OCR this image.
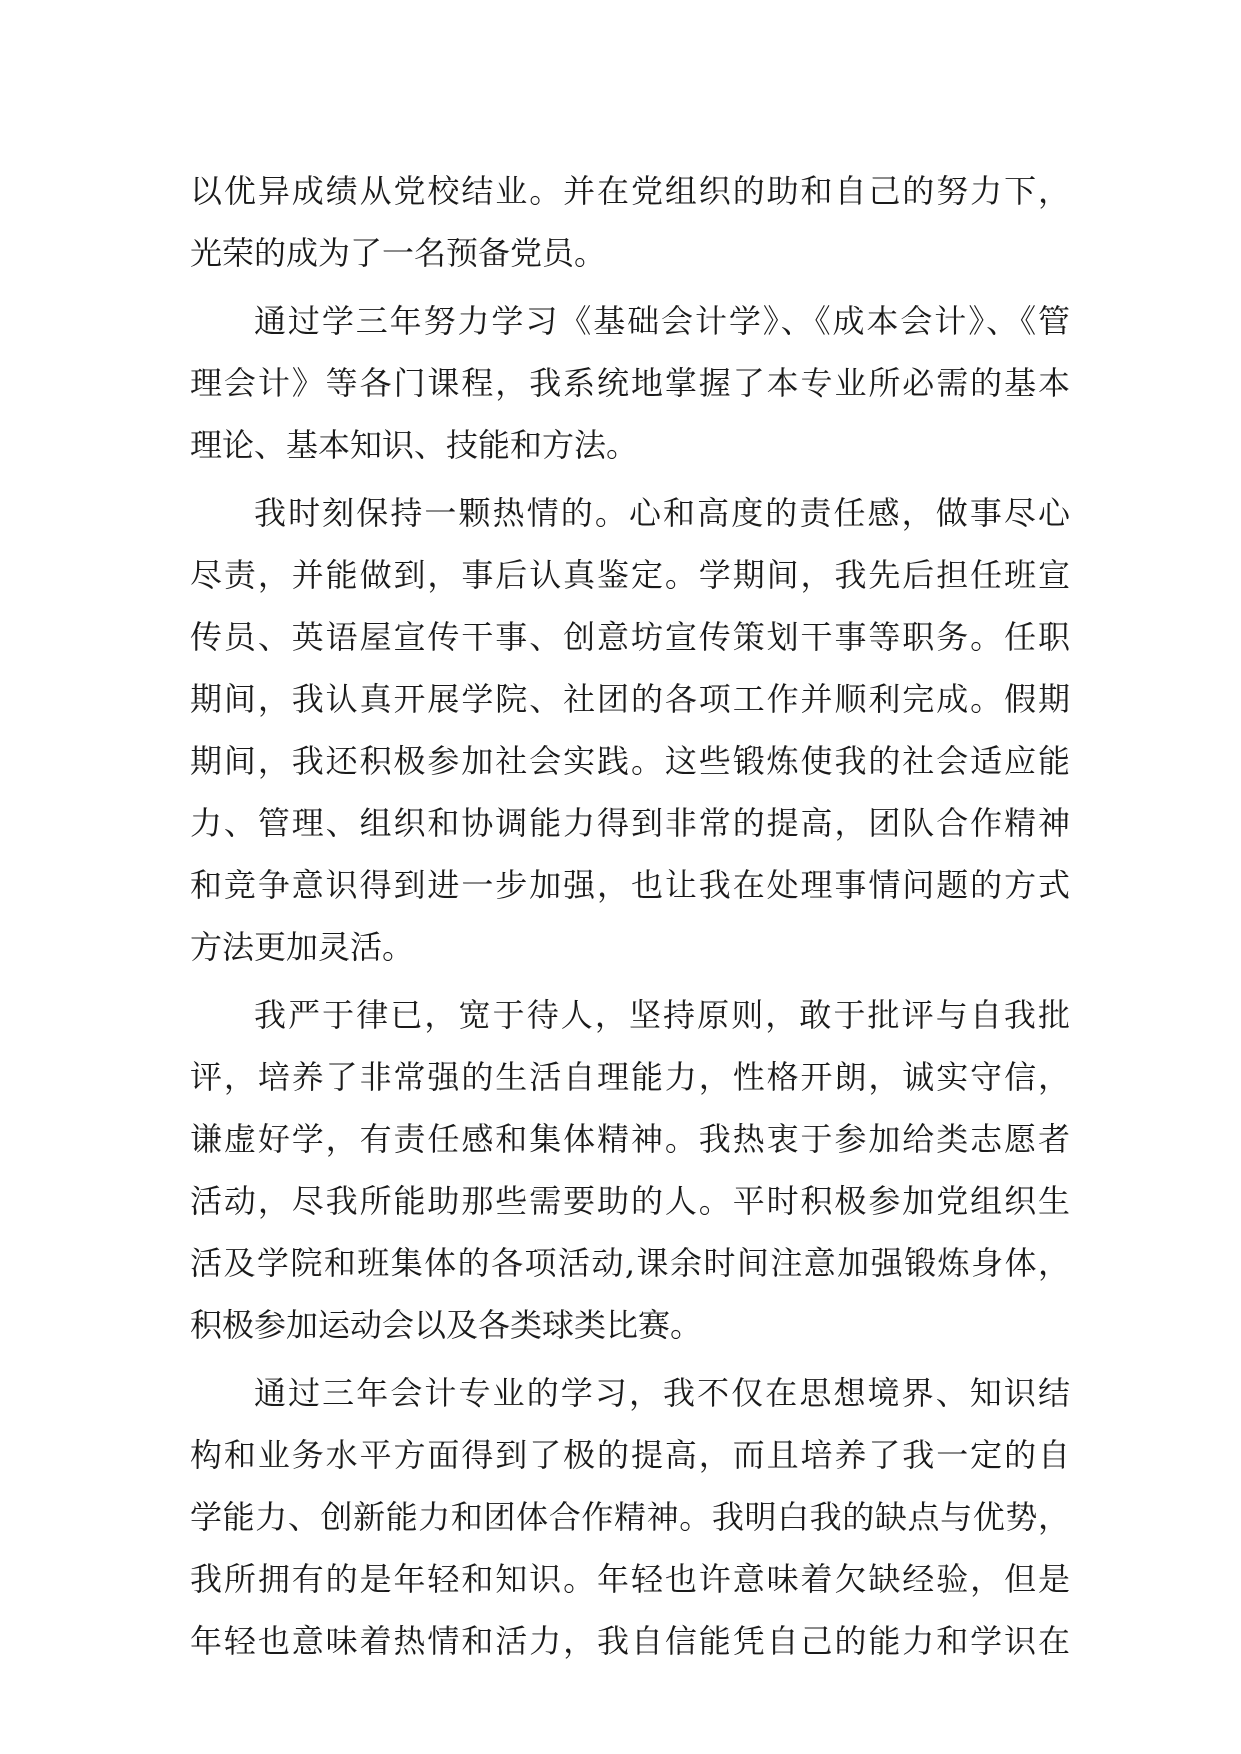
以优异成绩从党校结业。并在党组织的助和自己的努力下，
光荣的成为了一名预备党员。
通过学三年努力学习《基础会计学》、《成本会计》、《管
理会计》等各门课程，我系统地掌握了本专业所必需的基本
理论、基本知识、技能和方法。
我时刻保持一颗热情的。心和高度的责任感，做事尽心
尽责，并能做到，事后认真鉴定。学期间，我先后担任班宣
传员、英语屋宣传干事、创意坊宣传策划干事等职务。任职
期间，我认真开展学院、社团的各项工作并顺利完成。假期
期间，我还积极参加社会实践。这些锻炼使我的社会适应能
力、管理、组织和协调能力得到非常的提高，团队合作精神
和竞争意识得到进一步加强，也让我在处理事情问题的方式
方法更加灵活。
我严于律已，宽于待人，坚持原则，敢于批评与自我批
评，培养了非常强的生活自理能力，性格开朗，诚实守信，
谦虚好学，有责任感和集体精神。我热衷于参加给类志愿者
活动，尽我所能助那些需要助的人。平时积极参加党组织生
活及学院和班集体的各项活动,课余时间注意加强锻炼身体，
积极参加运动会以及各类球类比赛。
通过三年会计专业的学习，我不仅在思想境界、知识结
构和业务水平方面得到了极的提高，而且培养了我一定的自
学能力、创新能力和团体合作精神。我明白我的缺点与优势，
我所拥有的是年轻和知识。年轻也许意味着欠缺经验，但是
年轻也意味着热情和活力，我自信能凭自己的能力和学识在
